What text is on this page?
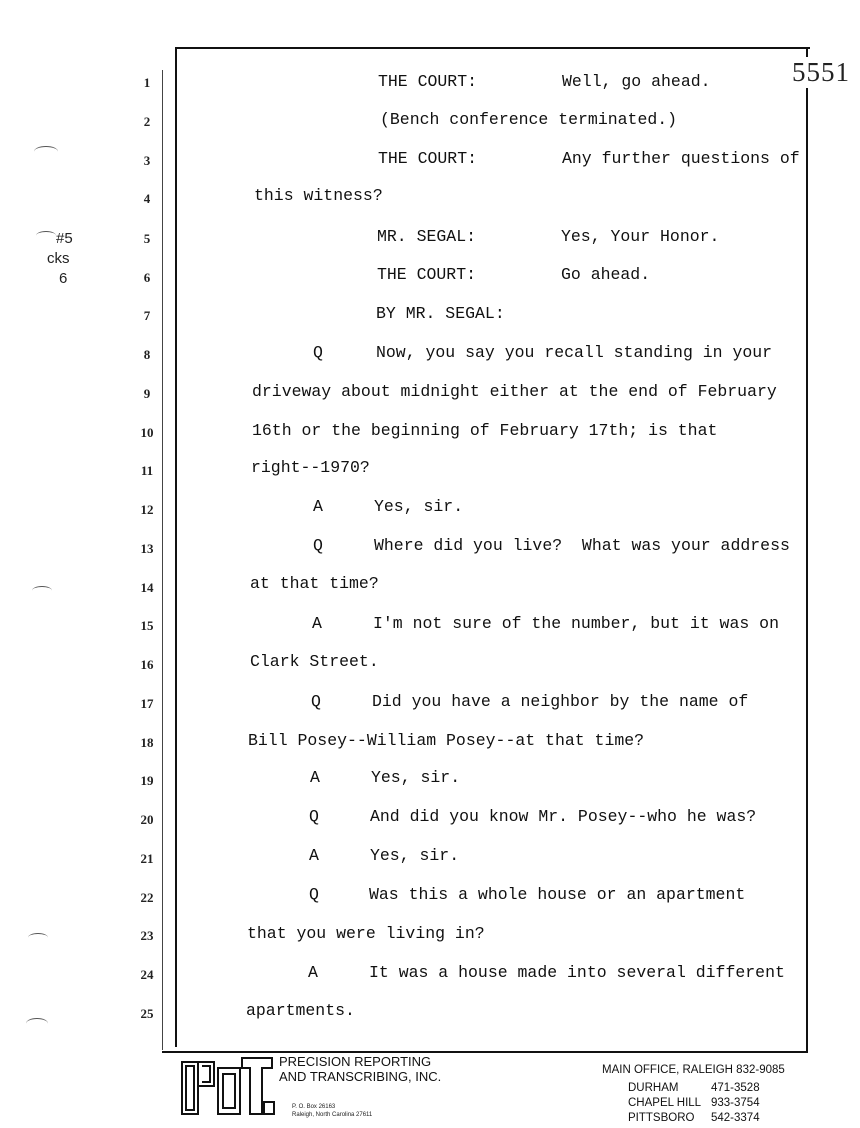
5551
#5
cks
6
1
2
3
4
5
6
7
8
9
10
11
12
13
14
15
16
17
18
19
20
21
22
23
24
25
THE COURT:
THE COURT:
MR. SEGAL:
THE COURT:
Q
A
Q
A
Q
A
Q
A
Q
A
Well, go ahead.
(Bench conference terminated.)
Any further questions of
this witness?
Yes, Your Honor.
Go ahead.
BY MR. SEGAL:
Now, you say you recall standing in your
driveway about midnight either at the end of February
16th or the beginning of February 17th; is that
right--1970?
Yes, sir.
Where did you live?  What was your address
at that time?
I'm not sure of the number, but it was on
Clark Street.
Did you have a neighbor by the name of
Bill Posey--William Posey--at that time?
Yes, sir.
And did you know Mr. Posey--who he was?
Yes, sir.
Was this a whole house or an apartment
that you were living in?
It was a house made into several different
apartments.
P&T
PRECISION REPORTING
AND TRANSCRIBING, INC.
P. O. Box 26163
Raleigh, North Carolina 27611
MAIN OFFICE, RALEIGH 832-9085
DURHAM	471-3528
CHAPEL HILL 933-3754
PITTSBORO 542-3374
